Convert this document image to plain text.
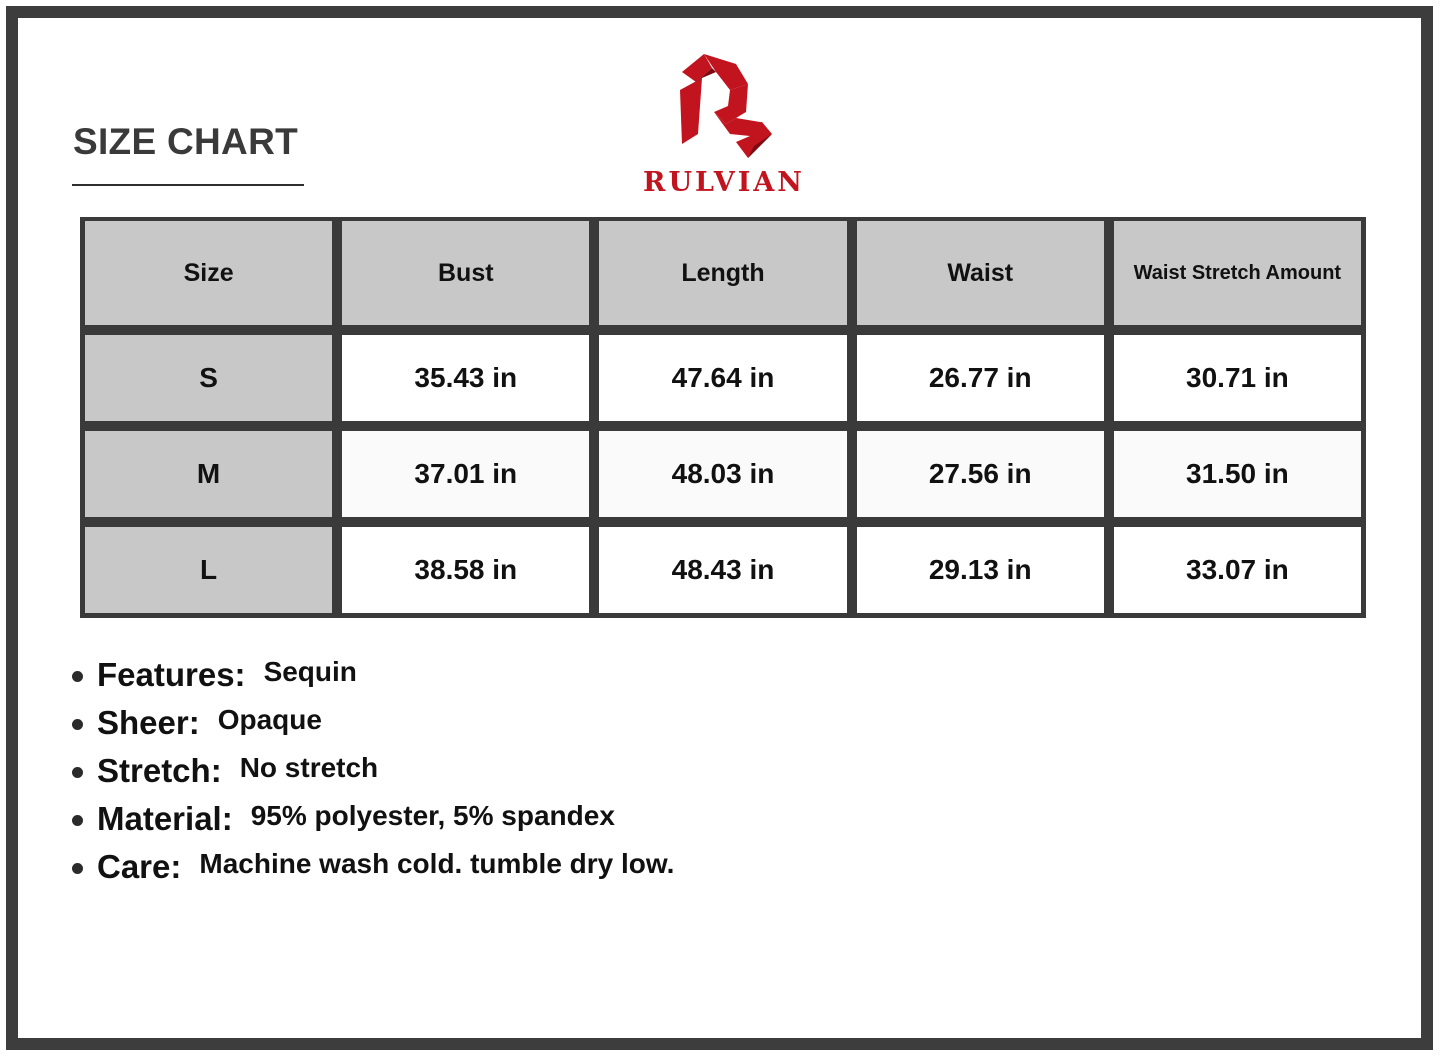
SIZE CHART
RULVIAN
Size	Bust	Length	Waist	Waist Stretch Amount
S	35.43 in	47.64 in	26.77 in	30.71 in
M	37.01 in	48.03 in	27.56 in	31.50 in
L	38.58 in	48.43 in	29.13 in	33.07 in
Features: Sequin
Sheer: Opaque
Stretch: No stretch
Material: 95% polyester, 5% spandex
Care: Machine wash cold. tumble dry low.
